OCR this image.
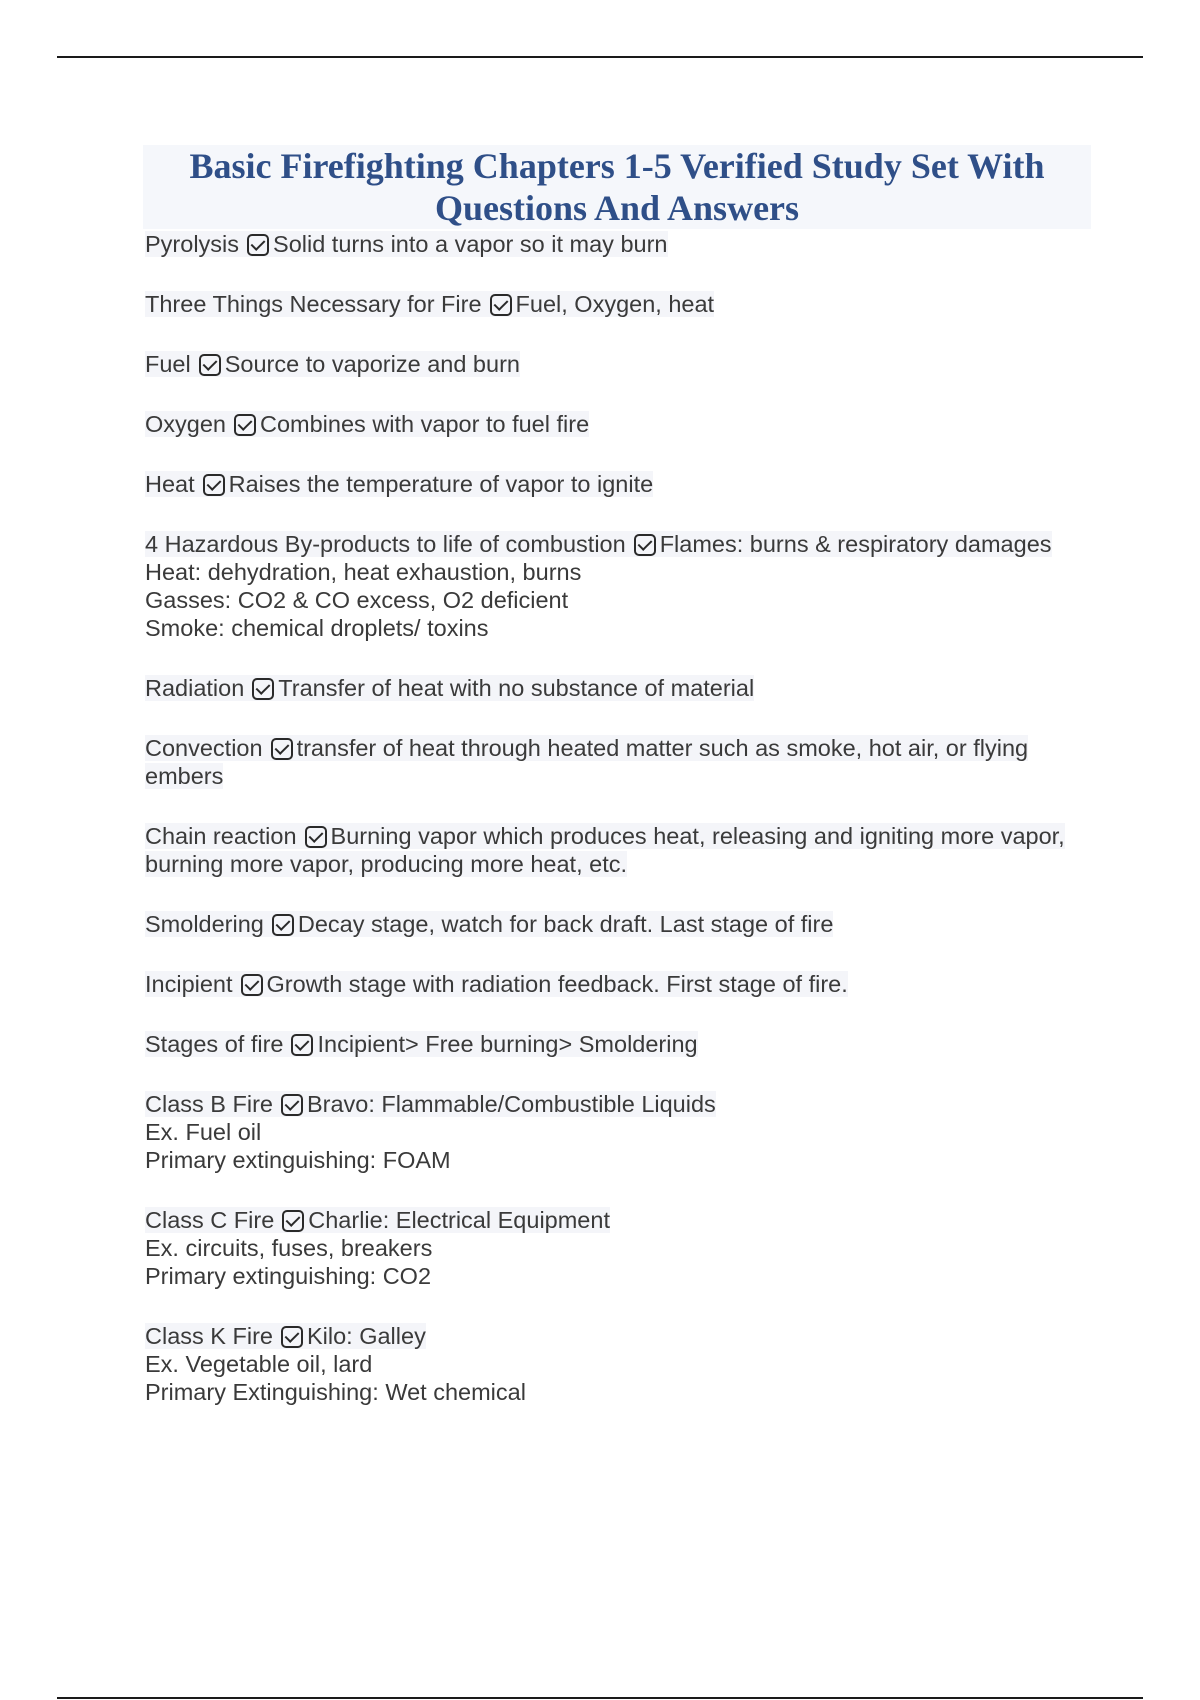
Basic Firefighting Chapters 1-5 Verified Study Set With Questions And Answers
Pyrolysis Solid turns into a vapor so it may burn
Three Things Necessary for Fire Fuel, Oxygen, heat
Fuel Source to vaporize and burn
Oxygen Combines with vapor to fuel fire
Heat Raises the temperature of vapor to ignite
4 Hazardous By-products to life of combustion Flames: burns & respiratory damages
Heat: dehydration, heat exhaustion, burns
Gasses: CO2 & CO excess, O2 deficient
Smoke: chemical droplets/ toxins
Radiation Transfer of heat with no substance of material
Convection transfer of heat through heated matter such as smoke, hot air, or flying embers
Chain reaction Burning vapor which produces heat, releasing and igniting more vapor, burning more vapor, producing more heat, etc.
Smoldering Decay stage, watch for back draft. Last stage of fire
Incipient Growth stage with radiation feedback. First stage of fire.
Stages of fire Incipient> Free burning> Smoldering
Class B Fire Bravo: Flammable/Combustible Liquids
Ex. Fuel oil
Primary extinguishing: FOAM
Class C Fire Charlie: Electrical Equipment
Ex. circuits, fuses, breakers
Primary extinguishing: CO2
Class K Fire Kilo: Galley
Ex. Vegetable oil, lard
Primary Extinguishing: Wet chemical
